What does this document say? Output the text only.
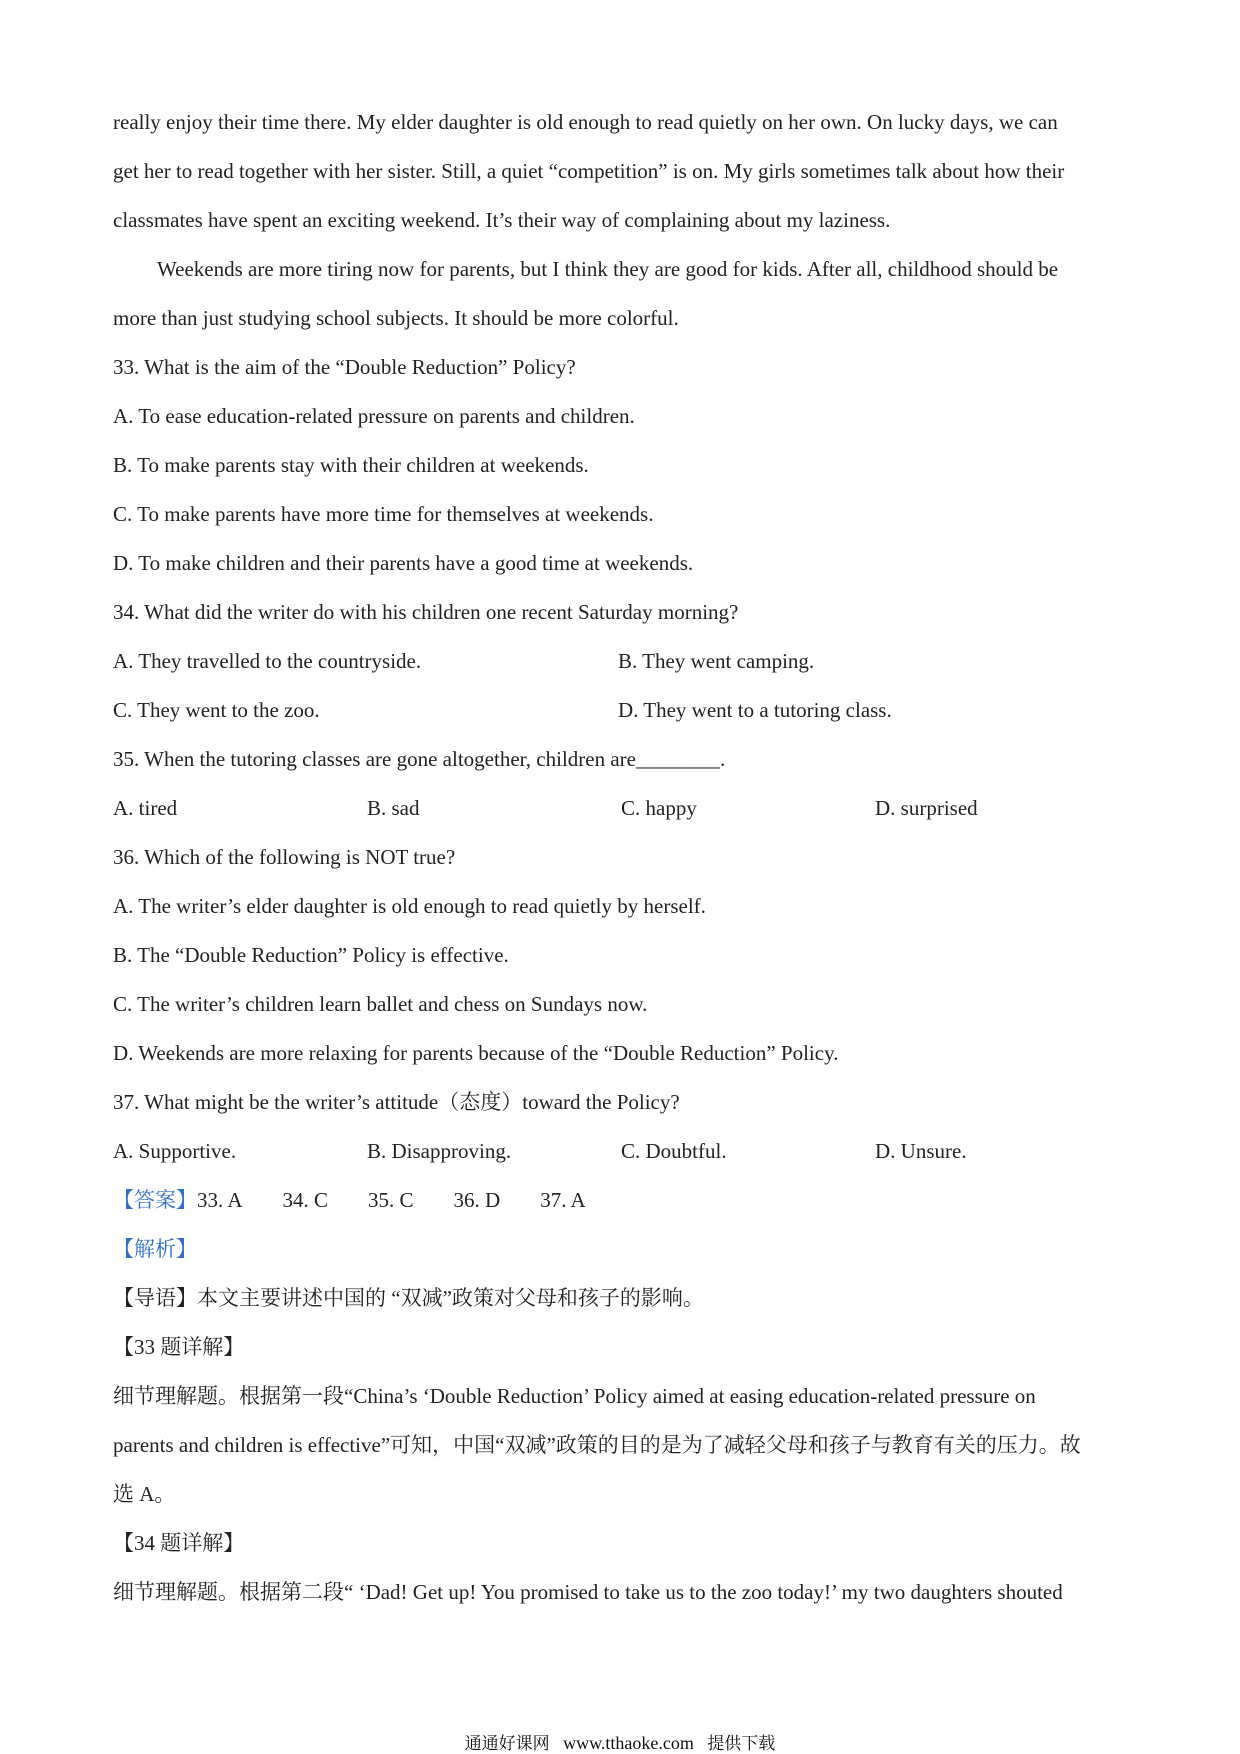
really enjoy their time there. My elder daughter is old enough to read quietly on her own. On lucky days, we can
get her to read together with her sister. Still, a quiet “competition” is on. My girls sometimes talk about how their
classmates have spent an exciting weekend. It’s their way of complaining about my laziness.
Weekends are more tiring now for parents, but I think they are good for kids. After all, childhood should be
more than just studying school subjects. It should be more colorful.
33. What is the aim of the “Double Reduction” Policy?
A. To ease education-related pressure on parents and children.
B. To make parents stay with their children at weekends.
C. To make parents have more time for themselves at weekends.
D. To make children and their parents have a good time at weekends.
34. What did the writer do with his children one recent Saturday morning?
A. They travelled to the countryside.	B. They went camping.
C. They went to the zoo.	D. They went to a tutoring class.
35. When the tutoring classes are gone altogether, children are________.
A. tired	B. sad	C. happy	D. surprised
36. Which of the following is NOT true?
A. The writer’s elder daughter is old enough to read quietly by herself.
B. The “Double Reduction” Policy is effective.
C. The writer’s children learn ballet and chess on Sundays now.
D. Weekends are more relaxing for parents because of the “Double Reduction” Policy.
37. What might be the writer’s attitude（态度）toward the Policy?
A. Supportive.	B. Disapproving.	C. Doubtful.	D. Unsure.
【答案】 33. A 34. C 35. C 36. D 37. A
【解析】
【导语】本文主要讲述中国的 “双减”政策对父母和孩子的影响。
【33 题详解】
细节理解题。根据第一段“China’s ‘Double Reduction’ Policy aimed at easing education-related pressure on
parents and children is effective”可知，中国“双减”政策的目的是为了减轻父母和孩子与教育有关的压力。故
选 A。
【34 题详解】
细节理解题。根据第二段“ ‘Dad! Get up! You promised to take us to the zoo today!’ my two daughters shouted
通通好课网 www.tthaoke.com 提供下载
